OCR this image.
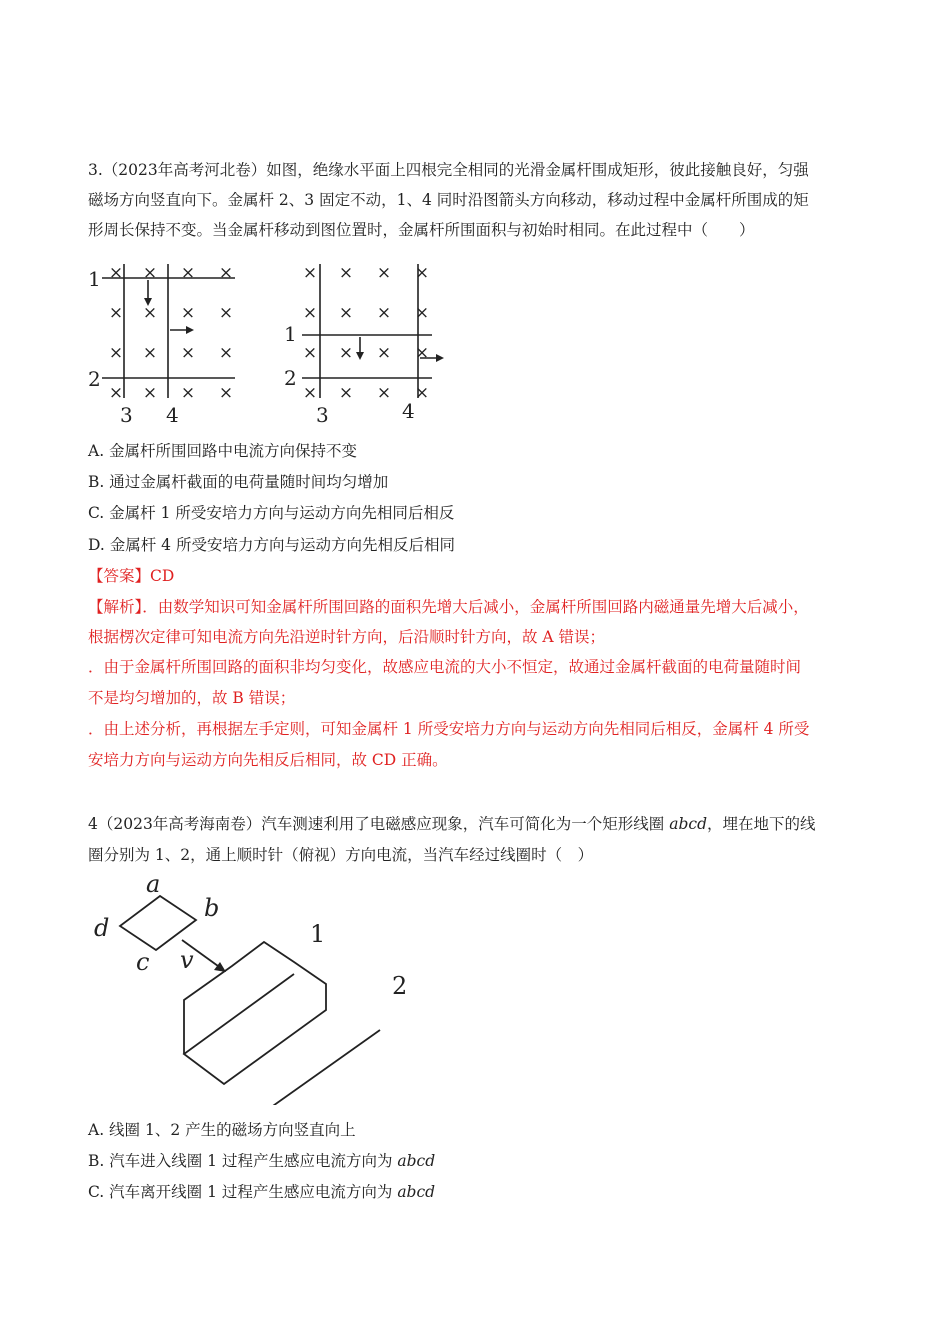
3.（2023年高考河北卷）如图，绝缘水平面上四根完全相同的光滑金属杆围成矩形，彼此接触良好，匀强
磁场方向竖直向下。金属杆 2、3 固定不动，1、4 同时沿图箭头方向移动，移动过程中金属杆所围成的矩
形周长保持不变。当金属杆移动到图位置时，金属杆所围面积与初始时相同。在此过程中（　　）
× × × ×
× × × ×
× × × ×
× × × ×
× × × ×
× × × ×
× × × ×
× × × ×
1
2
3 4
1
2
3	4
A. 金属杆所围回路中电流方向保持不变
B. 通过金属杆截面的电荷量随时间均匀增加
C. 金属杆 1 所受安培力方向与运动方向先相同后相反
D. 金属杆 4 所受安培力方向与运动方向先相反后相同
【答案】CD
【解析】．由数学知识可知金属杆所围回路的面积先增大后减小，金属杆所围回路内磁通量先增大后减小，
根据楞次定律可知电流方向先沿逆时针方向，后沿顺时针方向，故 A 错误；
．由于金属杆所围回路的面积非均匀变化，故感应电流的大小不恒定，故通过金属杆截面的电荷量随时间
不是均匀增加的，故 B 错误；
．由上述分析，再根据左手定则，可知金属杆 1 所受安培力方向与运动方向先相同后相反，金属杆 4 所受
安培力方向与运动方向先相反后相同，故 CD 正确。
4（2023年高考海南卷）汽车测速利用了电磁感应现象，汽车可简化为一个矩形线圈 abcd，埋在地下的线
圈分别为 1、2，通上顺时针（俯视）方向电流，当汽车经过线圈时（　）
a
b
d
c v
1
2
A. 线圈 1、2 产生的磁场方向竖直向上
B. 汽车进入线圈 1 过程产生感应电流方向为 abcd
C. 汽车离开线圈 1 过程产生感应电流方向为 abcd
